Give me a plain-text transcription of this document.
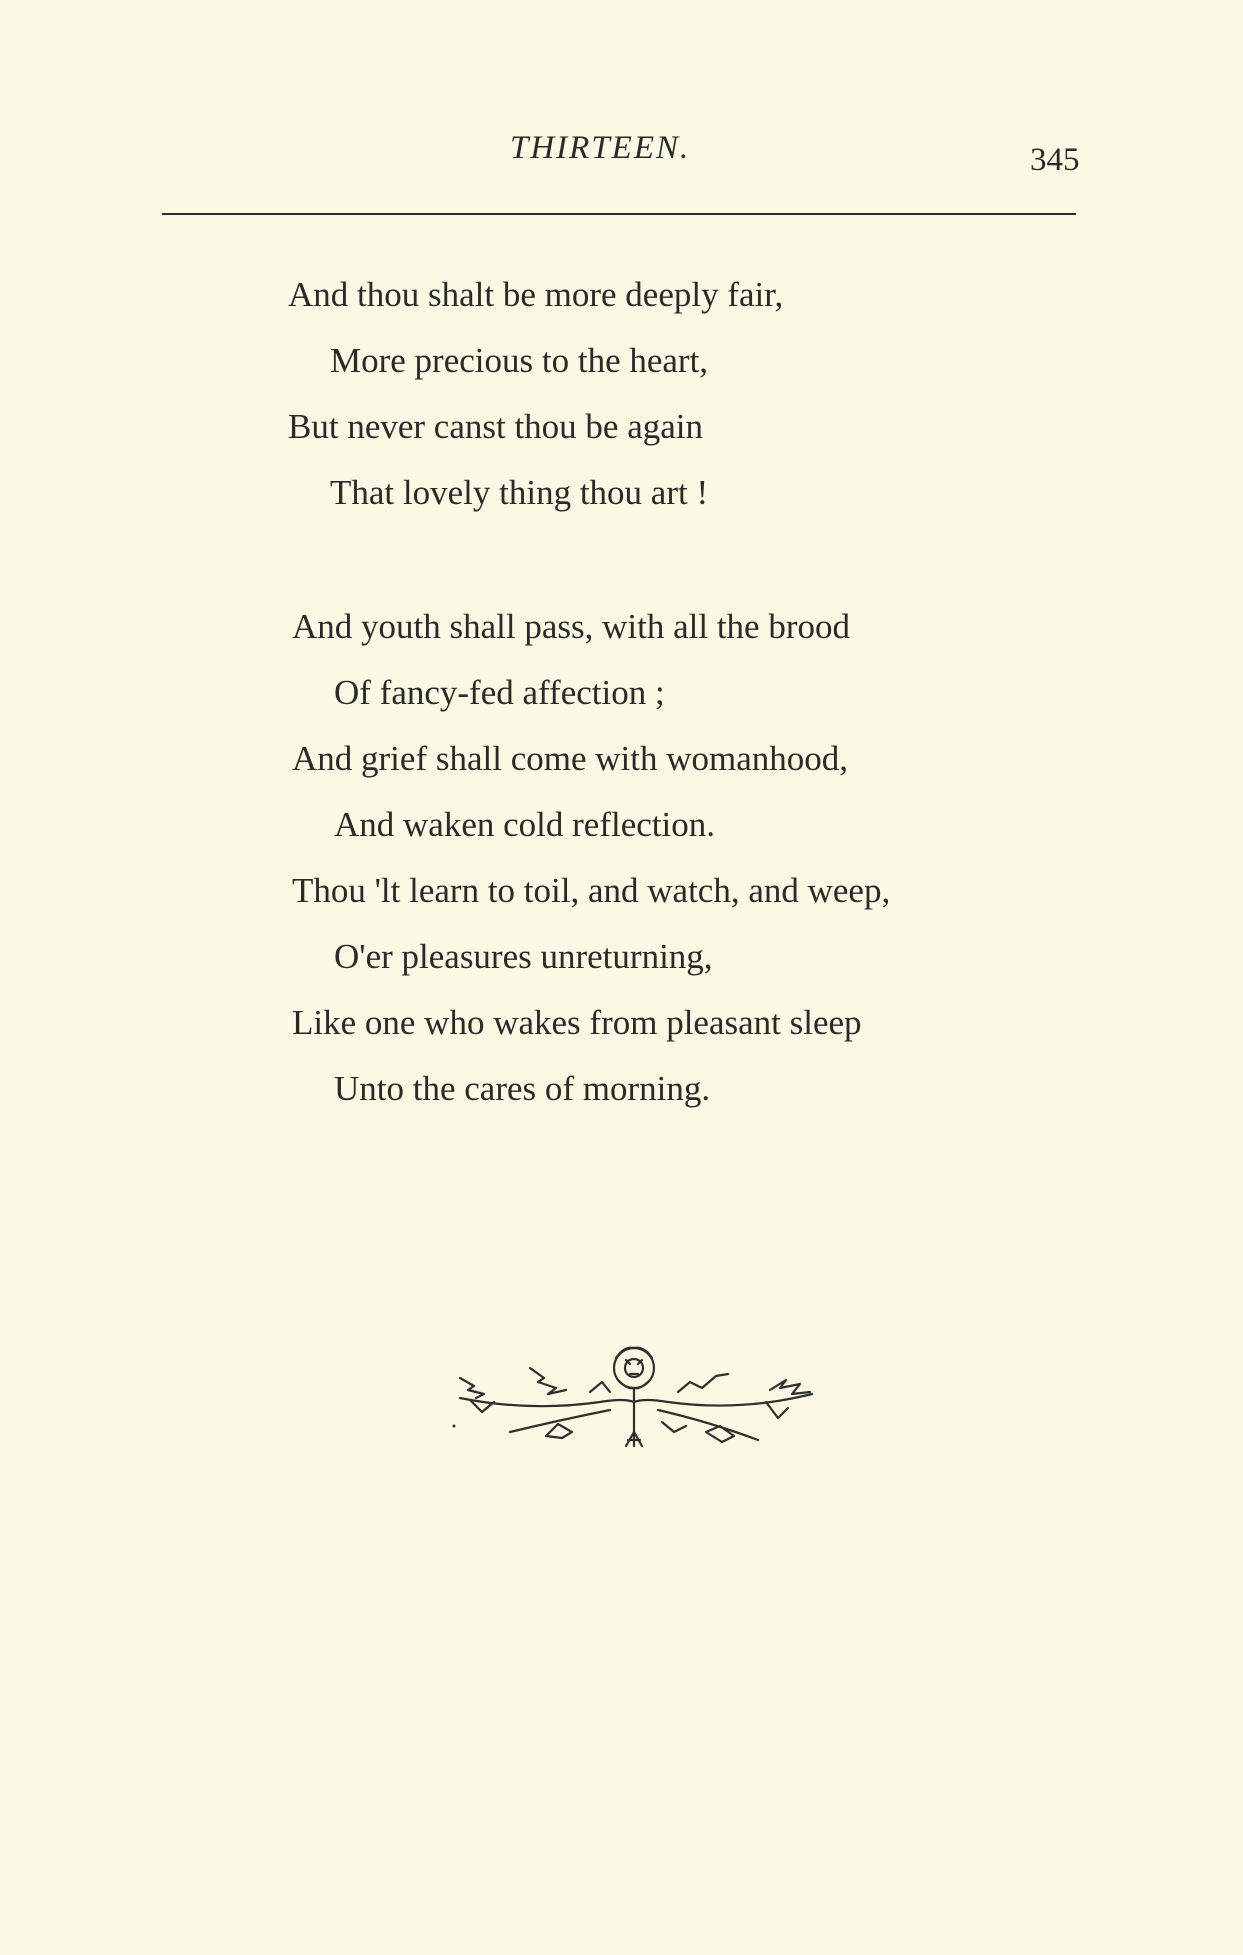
THIRTEEN.	345
And thou shalt be more deeply fair,
More precious to the heart,
But never canst thou be again
That lovely thing thou art !
And youth shall pass, with all the brood
Of fancy-fed affection ;
And grief shall come with womanhood,
And waken cold reflection.
Thou 'lt learn to toil, and watch, and weep,
O'er pleasures unreturning,
Like one who wakes from pleasant sleep
Unto the cares of morning.
